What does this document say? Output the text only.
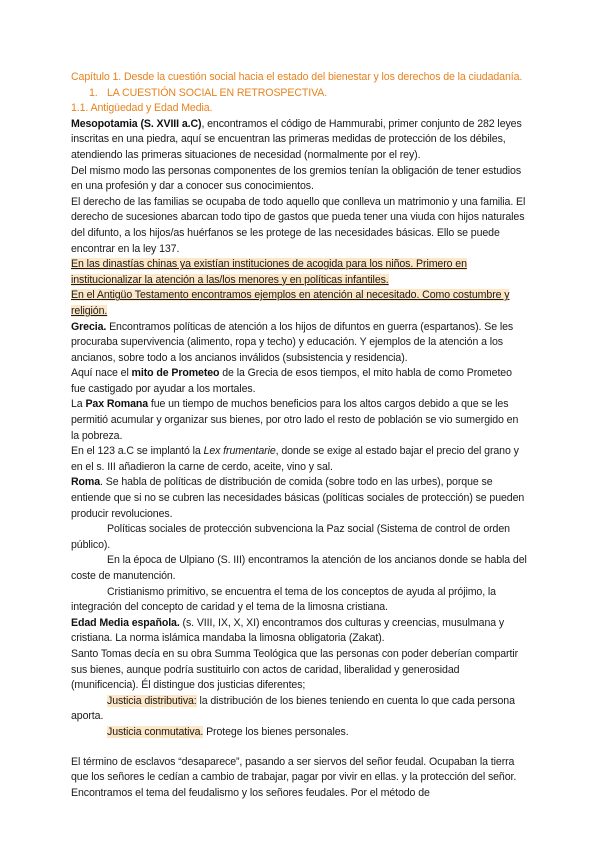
Capítulo 1. Desde la cuestión social hacia el estado del bienestar y los derechos de la ciudadanía.

1. LA CUESTIÓN SOCIAL EN RETROSPECTIVA.

1.1. Antigüedad y Edad Media.

Mesopotamia (S. XVIII a.C), encontramos el código de Hammurabi, primer conjunto de 282 leyes inscritas en una piedra, aquí se encuentran las primeras medidas de protección de los débiles, atendiendo las primeras situaciones de necesidad (normalmente por el rey).

Del mismo modo las personas componentes de los gremios tenían la obligación de tener estudios en una profesión y dar a conocer sus conocimientos.

El derecho de las familias se ocupaba de todo aquello que conlleva un matrimonio y una familia. El derecho de sucesiones abarcan todo tipo de gastos que pueda tener una viuda con hijos naturales del difunto, a los hijos/as huérfanos se les protege de las necesidades básicas. Ello se puede encontrar en la ley 137.

En las dinastías chinas ya existían instituciones de acogida para los niños. Primero en institucionalizar la atención a las/los menores y en políticas infantiles.

En el Antigüo Testamento encontramos ejemplos en atención al necesitado. Como costumbre y religión.

Grecia. Encontramos políticas de atención a los hijos de difuntos en guerra (espartanos). Se les procuraba supervivencia (alimento, ropa y techo) y educación. Y ejemplos de la atención a los ancianos, sobre todo a los ancianos inválidos (subsistencia y residencia).

Aquí nace el mito de Prometeo de la Grecia de esos tiempos, el mito habla de como Prometeo fue castigado por ayudar a los mortales.

La Pax Romana fue un tiempo de muchos beneficios para los altos cargos debido a que se les permitió acumular y organizar sus bienes, por otro lado el resto de población se vio sumergido en la pobreza.

En el 123 a.C se implantó la Lex frumentarie, donde se exige al estado bajar el precio del grano y en el s. III añadieron la carne de cerdo, aceite, vino y sal.

Roma. Se habla de políticas de distribución de comida (sobre todo en las urbes), porque se entiende que si no se cubren las necesidades básicas (políticas sociales de protección) se pueden producir revoluciones.

Políticas sociales de protección subvenciona la Paz social (Sistema de control de orden público).

En la época de Ulpiano (S. III) encontramos la atención de los ancianos donde se habla del coste de manutención.

Cristianismo primitivo, se encuentra el tema de los conceptos de ayuda al prójimo, la integración del concepto de caridad y el tema de la limosna cristiana.

Edad Media española. (s. VIII, IX, X, XI) encontramos dos culturas y creencias, musulmana y cristiana. La norma islámica mandaba la limosna obligatoria (Zakat).

Santo Tomas decía en su obra Summa Teológica que las personas con poder deberían compartir sus bienes, aunque podría sustituirlo con actos de caridad, liberalidad y generosidad (munificencia). Él distingue dos justicias diferentes;

Justicia distributiva: la distribución de los bienes teniendo en cuenta lo que cada persona aporta.

Justicia conmutativa. Protege los bienes personales.

El término de esclavos “desaparece”, pasando a ser siervos del señor feudal. Ocupaban la tierra que los señores le cedían a cambio de trabajar, pagar por vivir en ellas. y la protección del señor. Encontramos el tema del feudalismo y los señores feudales. Por el método de
